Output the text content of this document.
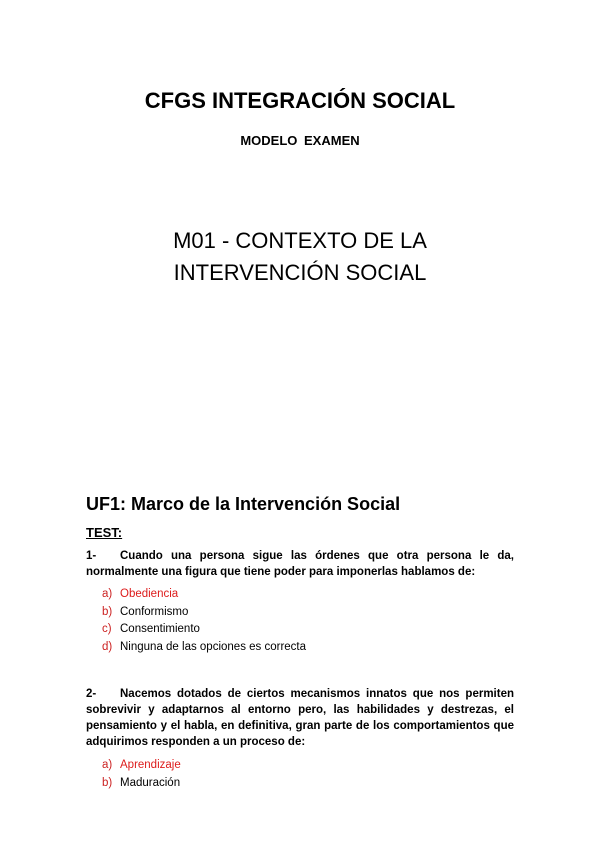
CFGS INTEGRACIÓN SOCIAL
MODELO EXAMEN
M01 - CONTEXTO DE LA
INTERVENCIÓN SOCIAL
UF1: Marco de la Intervención Social
TEST:
1- Cuando una persona sigue las órdenes que otra persona le da, normalmente una figura que tiene poder para imponerlas hablamos de:
a) Obediencia
b) Conformismo
c) Consentimiento
d) Ninguna de las opciones es correcta
2- Nacemos dotados de ciertos mecanismos innatos que nos permiten sobrevivir y adaptarnos al entorno pero, las habilidades y destrezas, el pensamiento y el habla, en definitiva, gran parte de los comportamientos que adquirimos responden a un proceso de:
a) Aprendizaje
b) Maduración
